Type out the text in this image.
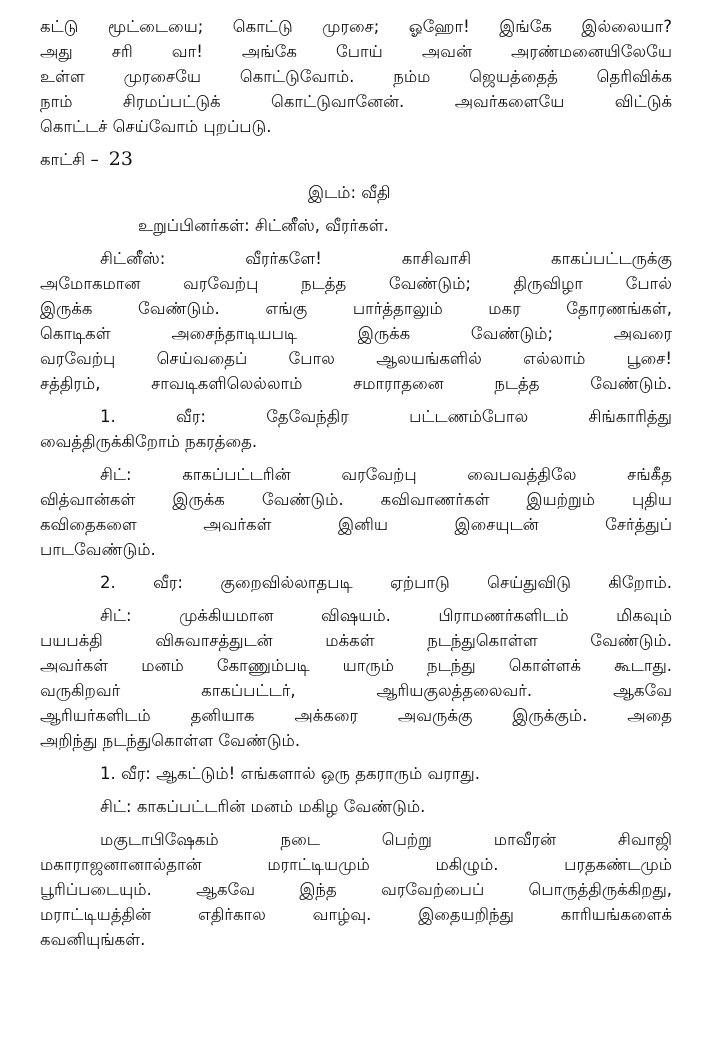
கட்டு மூட்டையை; கொட்டு முரசை; ஓஹோ! இங்கே இல்லையா?
அது சரி வா! அங்கே போய் அவன் அரண்மனையிலேயே
உள்ள முரசையே கொட்டுவோம். நம்ம ஜெயத்தைத் தெரிவிக்க
நாம் சிரமப்பட்டுக் கொட்டுவானேன். அவர்களையே விட்டுக்
கொட்டச் செய்வோம் புறப்படு.
காட்சி – 23
இடம்: வீதி
உறுப்பினர்கள்: சிட்னீஸ், வீரர்கள்.
சிட்னீஸ்: வீரர்களே! காசிவாசி காகப்பட்டருக்கு
அமோகமான வரவேற்பு நடத்த வேண்டும்; திருவிழா போல்
இருக்க வேண்டும். எங்கு பார்த்தாலும் மகர தோரணங்கள்,
கொடிகள் அசைந்தாடியபடி இருக்க வேண்டும்; அவரை
வரவேற்பு செய்வதைப் போல ஆலயங்களில் எல்லாம் பூசை!
சத்திரம், சாவடிகளிலெல்லாம் சமாராதனை நடத்த வேண்டும்.
1. வீர: தேவேந்திர பட்டணம்போல சிங்காரித்து
வைத்திருக்கிறோம் நகரத்தை.
சிட்: காகப்பட்டரின் வரவேற்பு வைபவத்திலே சங்கீத
வித்வான்கள் இருக்க வேண்டும். கவிவாணர்கள் இயற்றும் புதிய
கவிதைகளை அவர்கள் இனிய இசையுடன் சேர்த்துப்
பாடவேண்டும்.
2. வீர: குறைவில்லாதபடி ஏற்பாடு செய்துவிடு கிறோம்.
சிட்: முக்கியமான விஷயம். பிராமணர்களிடம் மிகவும்
பயபக்தி விசுவாசத்துடன் மக்கள் நடந்துகொள்ள வேண்டும்.
அவர்கள் மனம் கோணும்படி யாரும் நடந்து கொள்ளக் கூடாது.
வருகிறவர் காகப்பட்டர், ஆரியகுலத்தலைவர். ஆகவே
ஆரியர்களிடம் தனியாக அக்கரை அவருக்கு இருக்கும். அதை
அறிந்து நடந்துகொள்ள வேண்டும்.
1. வீர: ஆகட்டும்! எங்களால் ஒரு தகராரும் வராது.
சிட்: காகப்பட்டரின் மனம் மகிழ வேண்டும்.
மகுடாபிஷேகம் நடை பெற்று மாவீரன் சிவாஜி
மகாராஜனானால்தான் மராட்டியமும் மகிழும். பரதகண்டமும்
பூரிப்படையும். ஆகவே இந்த வரவேற்பைப் பொருத்திருக்கிறது,
மராட்டியத்தின் எதிர்கால வாழ்வு. இதையறிந்து காரியங்களைக்
கவனியுங்கள்.
